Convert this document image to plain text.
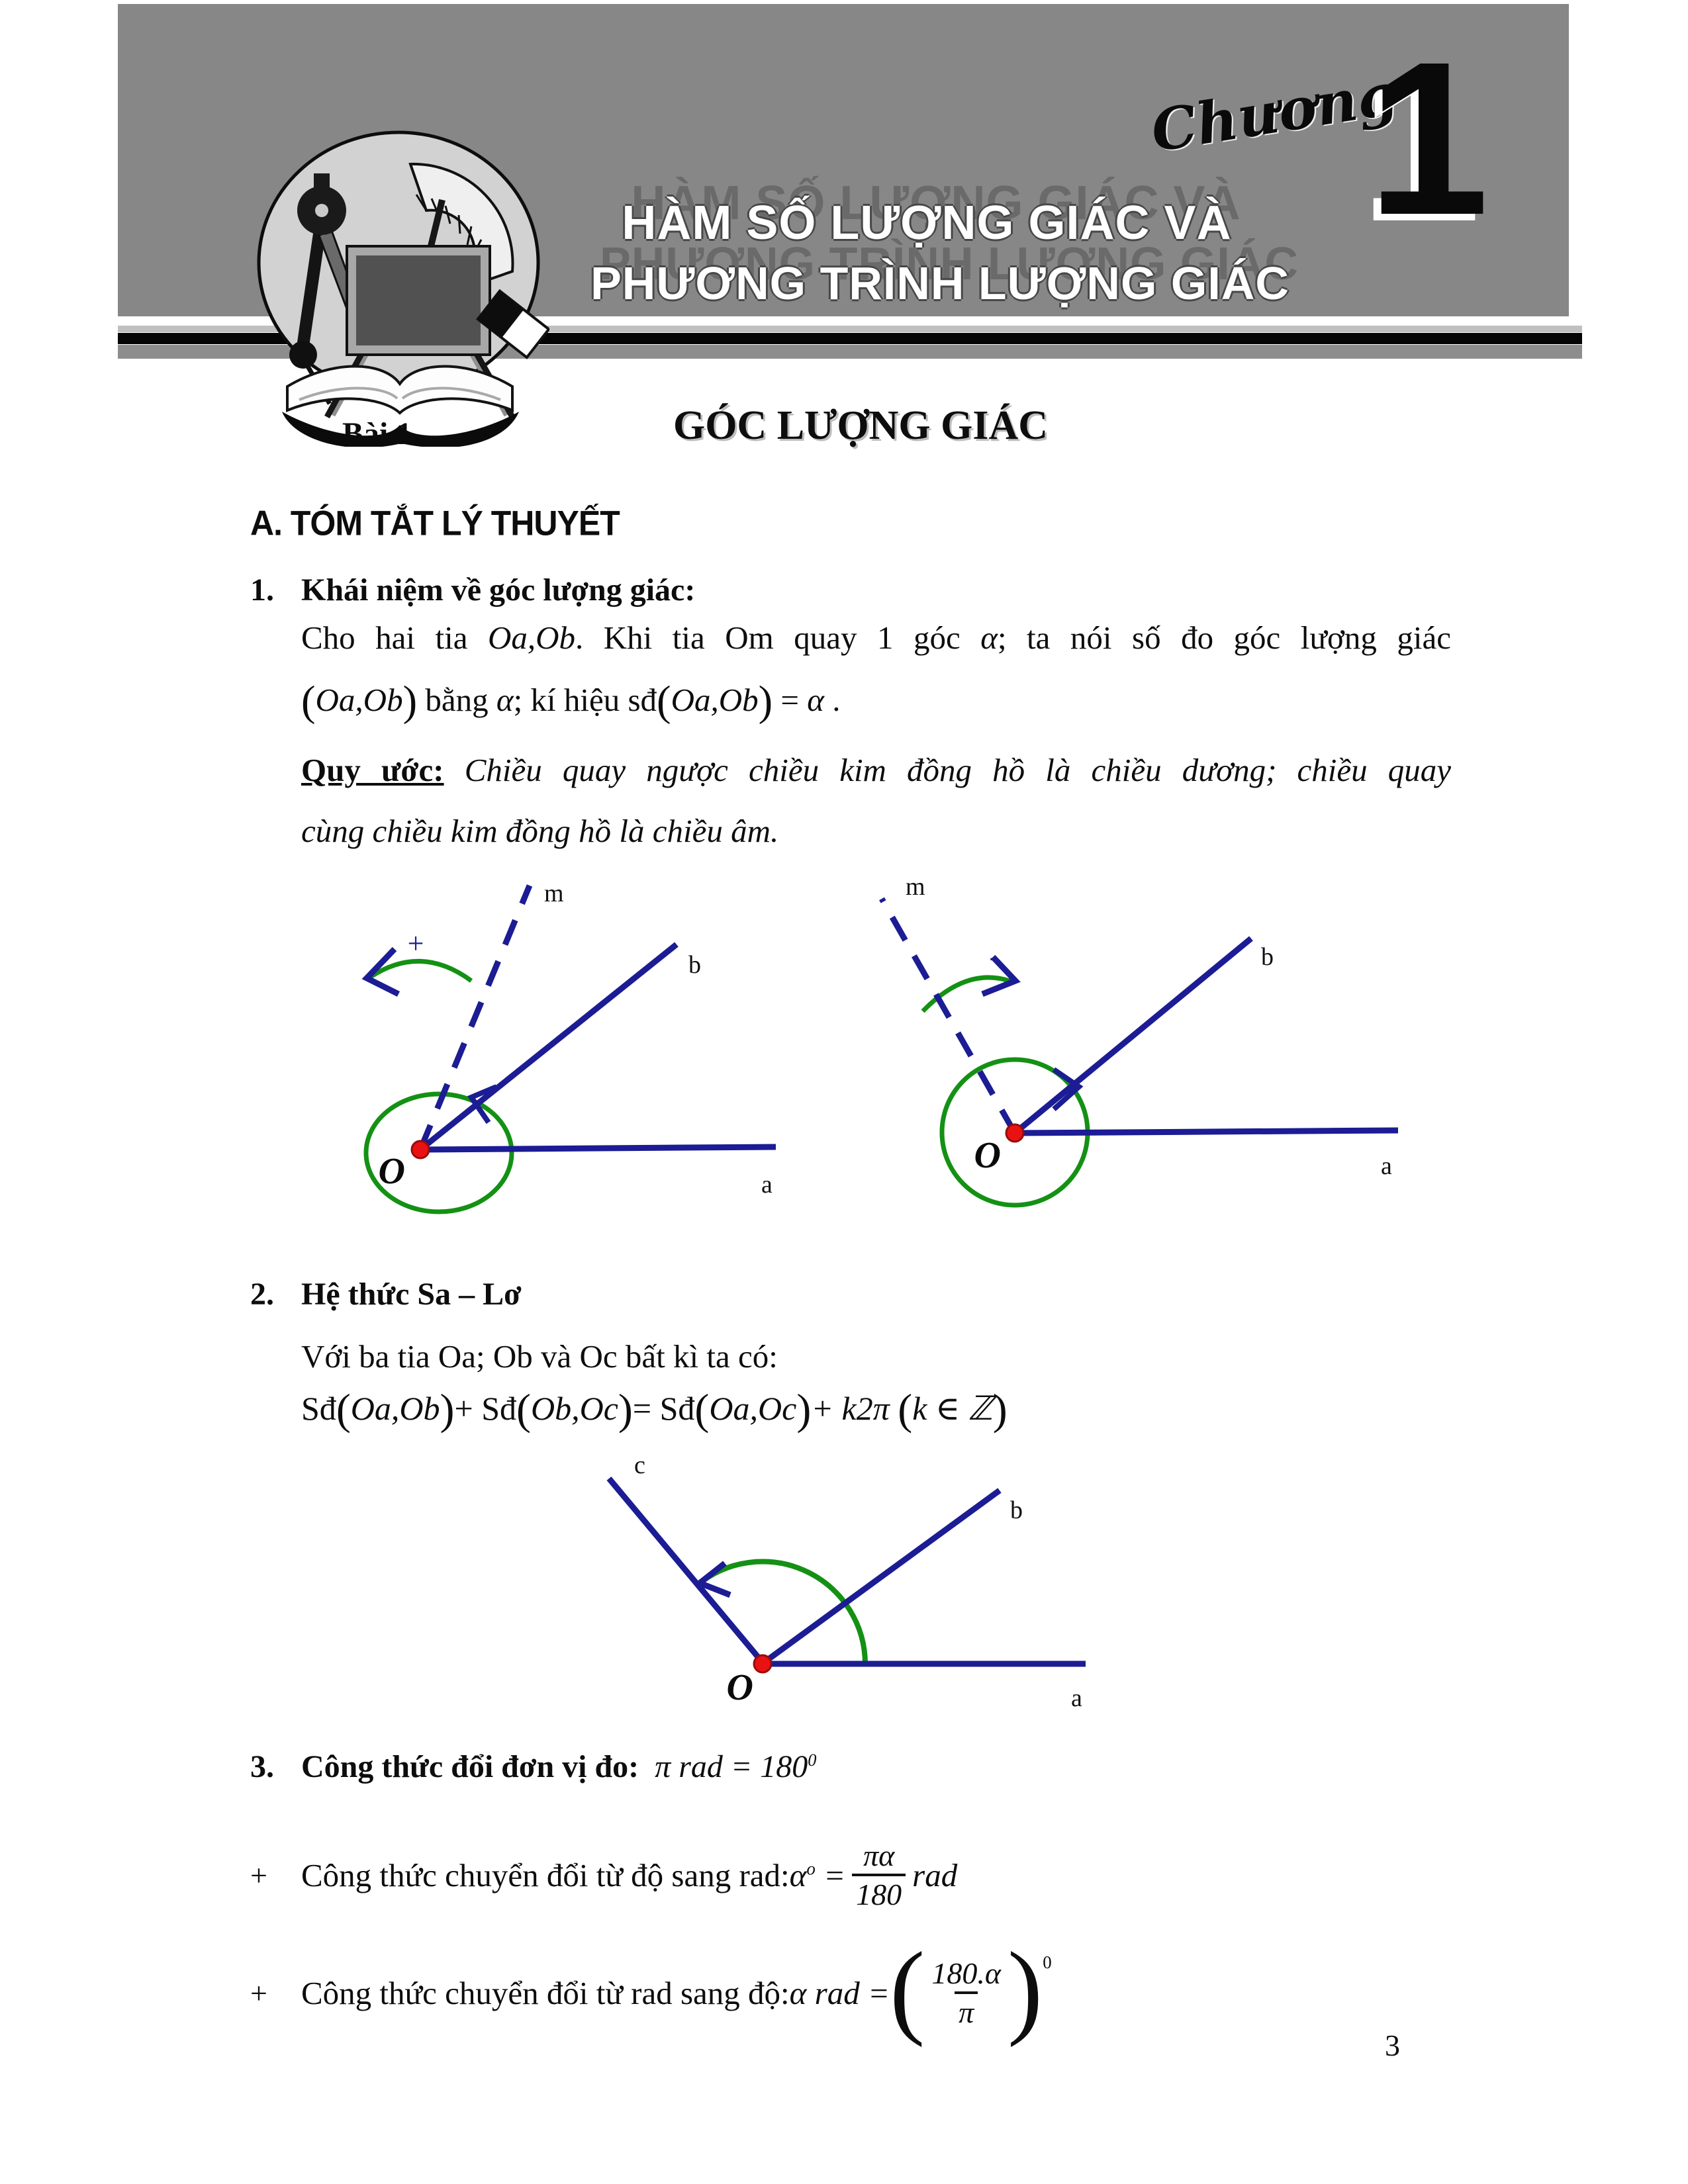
HÀM SỐ LƯỢNG GIÁC VÀ
PHƯƠNG TRÌNH LƯỢNG GIÁC
Chương
1
Bài 1.	GÓC LƯỢNG GIÁC
A. TÓM TẮT LÝ THUYẾT
1. Khái niệm về góc lượng giác:
Cho hai tia Oa,Ob. Khi tia Om quay 1 góc α; ta nói số đo góc lượng giác
(Oa,Ob) bằng α; kí hiệu sđ(Oa,Ob) = α .
Quy ước: Chiều quay ngược chiều kim đồng hồ là chiều dương; chiều quay
cùng chiều kim đồng hồ là chiều âm.
m
+
b
a
O
m
-	b
a
O
2. Hệ thức Sa – Lơ
Với ba tia Oa; Ob và Oc bất kì ta có:
Sđ(Oa,Ob)+ Sđ(Ob,Oc)= Sđ(Oa,Oc)+ k2π (k ∈ ℤ)
c
b
a
O
3. Công thức đổi đơn vị đo: π rad = $180^0$
+	Công thức chuyển đổi từ độ sang rad: $\alpha^o = \frac{\pi\alpha}{180}$ rad
+	Công thức chuyển đổi từ rad sang độ: α rad = ( $\frac{180.\alpha}{\pi} )^0$
3
